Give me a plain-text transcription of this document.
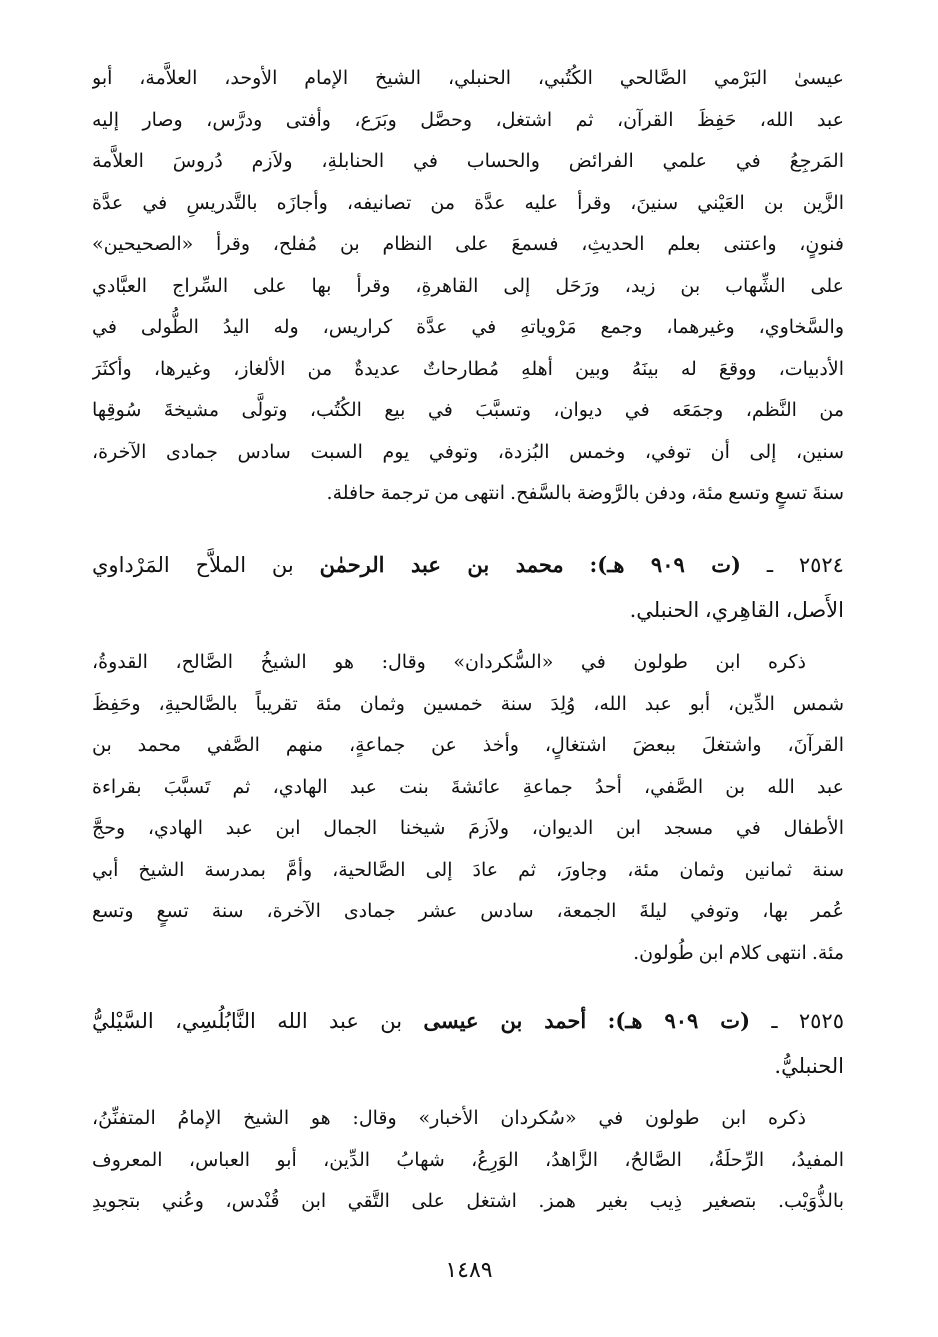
عيسىٰ البَرْمي الصَّالحي الكُتُبي، الحنبلي، الشيخ الإمام الأوحد، العلاَّمة، أبو
عبد الله، حَفِظَ القرآن، ثم اشتغل، وحصَّل وبَرَع، وأفتى ودرَّس، وصار إليه
المَرجِعُ في علمي الفرائض والحساب في الحنابلةِ، ولاَزم دُروسَ العلاَّمة
الزَّين بن العَيْني سنينَ، وقرأ عليه عدَّة من تصانيفه، وأجازَه بالتَّدريسِ في عدَّة
فنونٍ، واعتنى بعلم الحديثِ، فسمعَ على النظام بن مُفلح، وقرأ «الصحيحين»
على الشِّهاب بن زيد، ورَحَل إلى القاهرةِ، وقرأ بها على السِّراج العبَّادي
والسَّخاوي، وغيرهما، وجمع مَرْوياتهِ في عدَّة كراريس، وله اليدُ الطُّولى في
الأدبيات، ووقعَ له بينَهُ وبين أهلهِ مُطارحاتٌ عديدةٌ من الألغاز، وغيرها، وأكثَرَ
من النَّظم، وجمَعَه في ديوان، وتسبَّبَ في بيع الكُتُب، وتولَّى مشيخةَ سُوقِها
سنين، إلى أن توفي، وخمس البُزدة، وتوفي يوم السبت سادس جمادى الآخرة،
سنةَ تسعٍ وتسع مئة، ودفن بالرَّوضة بالسَّفح. انتهى من ترجمة حافلة.
٢٥٢٤ ـ (ت ٩٠٩ هـ): محمد بن عبد الرحمٰن بن الملاَّح المَرْداوي
الأَصل، القاهِري، الحنبلي.
ذكره ابن طولون في «السُّكردان» وقال: هو الشيخُ الصَّالح، القدوةُ،
شمس الدِّين، أبو عبد الله، وُلِدَ سنة خمسين وثمان مئة تقريباً بالصَّالحيةِ، وحَفِظَ
القرآنَ، واشتغلَ ببعضَ اشتغالٍ، وأخذ عن جماعةٍ، منهم الصَّفي محمد بن
عبد الله بن الصَّفي، أحدُ جماعةِ عائشةَ بنت عبد الهادي، ثم تَسبَّبَ بقراءة
الأطفال في مسجد ابن الديوان، ولاَزمَ شيخنا الجمال ابن عبد الهادي، وحجَّ
سنة ثمانين وثمان مئة، وجاورَ، ثم عادَ إلى الصَّالحية، وأمَّ بمدرسة الشيخ أبي
عُمر بها، وتوفي ليلةَ الجمعة، سادس عشر جمادى الآخرة، سنة تسعٍ وتسع
مئة. انتهى كلام ابن طُولون.
٢٥٢٥ ـ (ت ٩٠٩ هـ): أحمد بن عيسى بن عبد الله النَّابُلُسِي، السَّيْليُّ
الحنبليُّ.
ذكره ابن طولون في «سُكردان الأخبار» وقال: هو الشيخ الإمامُ المتفنِّنُ،
المفيدُ، الرِّحلَةُ، الصَّالحُ، الزَّاهدُ، الوَرِعُ، شهابُ الدِّين، أبو العباس، المعروف
بالذُّوَيْب. بتصغير ذِيب بغير همز. اشتغل على التَّقي ابن قُنْدس، وعُني بتجويدِ
١٤٨٩
